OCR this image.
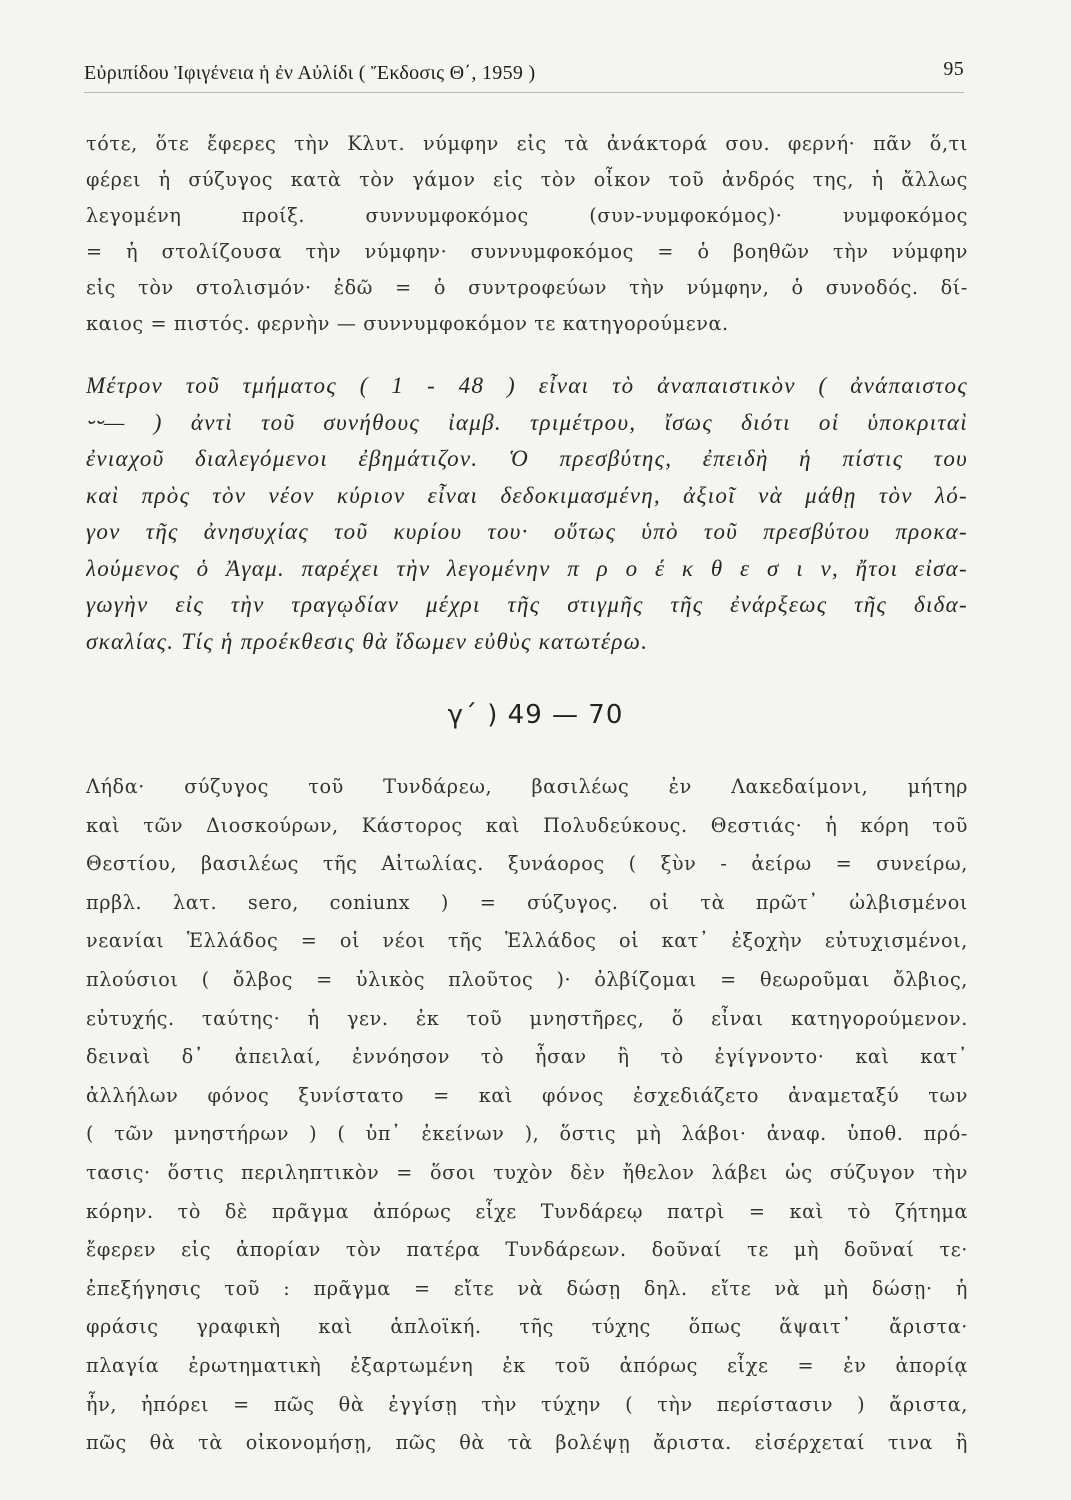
Εὐριπίδου Ἰφιγένεια ἡ ἐν Αὐλίδι ( Ἔκδοσις Θ΄, 1959 )	95
τότε, ὅτε ἔφερες τὴν Κλυτ. νύμφην εἰς τὰ ἀνάκτορά σου. φερνή· πᾶν ὅ,τι
φέρει ἡ σύζυγος κατὰ τὸν γάμον εἰς τὸν οἶκον τοῦ ἀνδρός της, ἡ ἄλλως
λεγομένη προίξ. συννυμφοκόμος (συν-νυμφοκόμος)· νυμφοκόμος
= ἡ στολίζουσα τὴν νύμφην· συννυμφοκόμος = ὁ βοηθῶν τὴν νύμφην
εἰς τὸν στολισμόν· ἐδῶ = ὁ συντροφεύων τὴν νύμφην, ὁ συνοδός. δί-
καιος = πιστός. φερνὴν — συννυμφοκόμον τε κατηγορούμενα.
Μέτρον τοῦ τμήματος ( 1 - 48 ) εἶναι τὸ ἀναπαιστικὸν ( ἀνάπαιστος
⏑⏑— ) ἀντὶ τοῦ συνήθους ἰαμβ. τριμέτρου, ἴσως διότι οἱ ὑποκριταὶ
ἐνιαχοῦ διαλεγόμενοι ἐβημάτιζον. Ὁ πρεσβύτης, ἐπειδὴ ἡ πίστις του
καὶ πρὸς τὸν νέον κύριον εἶναι δεδοκιμασμένη, ἀξιοῖ νὰ μάθῃ τὸν λό-
γον τῆς ἀνησυχίας τοῦ κυρίου του· οὕτως ὑπὸ τοῦ πρεσβύτου προκα-
λούμενος ὁ Ἀγαμ. παρέχει τὴν λεγομένην π ρ ο έ κ θ ε σ ι ν, ἤτοι εἰσα-
γωγὴν εἰς τὴν τραγῳδίαν μέχρι τῆς στιγμῆς τῆς ἐνάρξεως τῆς διδα-
σκαλίας. Τίς ἡ προέκθεσις θὰ ἴδωμεν εὐθὺς κατωτέρω.
γ΄ ) 49 — 70
Λήδα· σύζυγος τοῦ Τυνδάρεω, βασιλέως ἐν Λακεδαίμονι, μήτηρ
καὶ τῶν Διοσκούρων, Κάστορος καὶ Πολυδεύκους. Θεστιάς· ἡ κόρη τοῦ
Θεστίου, βασιλέως τῆς Αἰτωλίας. ξυνάορος ( ξὺν - ἀείρω = συνείρω,
πρβλ. λατ. sero, coniunx ) = σύζυγος. οἱ τὰ πρῶτ᾽ ὠλβισμένοι
νεανίαι Ἑλλάδος = οἱ νέοι τῆς Ἑλλάδος οἱ κατ᾽ ἐξοχὴν εὐτυχισμένοι,
πλούσιοι ( ὄλβος = ὑλικὸς πλοῦτος )· ὀλβίζομαι = θεωροῦμαι ὄλβιος,
εὐτυχής. ταύτης· ἡ γεν. ἐκ τοῦ μνηστῆρες, ὅ εἶναι κατηγορούμενον.
δειναὶ δ᾽ ἀπειλαί, ἐννόησον τὸ ἦσαν ἢ τὸ ἐγίγνοντο· καὶ κατ᾽
ἀλλήλων φόνος ξυνίστατο = καὶ φόνος ἐσχεδιάζετο ἀναμεταξύ των
( τῶν μνηστήρων ) ( ὑπ᾽ ἐκείνων ), ὅστις μὴ λάβοι· ἀναφ. ὑποθ. πρό-
τασις· ὅστις περιληπτικὸν = ὅσοι τυχὸν δὲν ἤθελον λάβει ὡς σύζυγον τὴν
κόρην. τὸ δὲ πρᾶγμα ἀπόρως εἶχε Τυνδάρεῳ πατρὶ = καὶ τὸ ζήτημα
ἔφερεν εἰς ἀπορίαν τὸν πατέρα Τυνδάρεων. δοῦναί τε μὴ δοῦναί τε·
ἐπεξήγησις τοῦ : πρᾶγμα = εἴτε νὰ δώσῃ δηλ. εἴτε νὰ μὴ δώσῃ· ἡ
φράσις γραφικὴ καὶ ἁπλοϊκή. τῆς τύχης ὅπως ἅψαιτ᾽ ἄριστα·
πλαγία ἐρωτηματικὴ ἐξαρτωμένη ἐκ τοῦ ἀπόρως εἶχε = ἐν ἀπορίᾳ
ἦν, ἠπόρει = πῶς θὰ ἐγγίσῃ τὴν τύχην ( τὴν περίστασιν ) ἄριστα,
πῶς θὰ τὰ οἰκονομήσῃ, πῶς θὰ τὰ βολέψῃ ἄριστα. εἰσέρχεταί τινα ἢ
